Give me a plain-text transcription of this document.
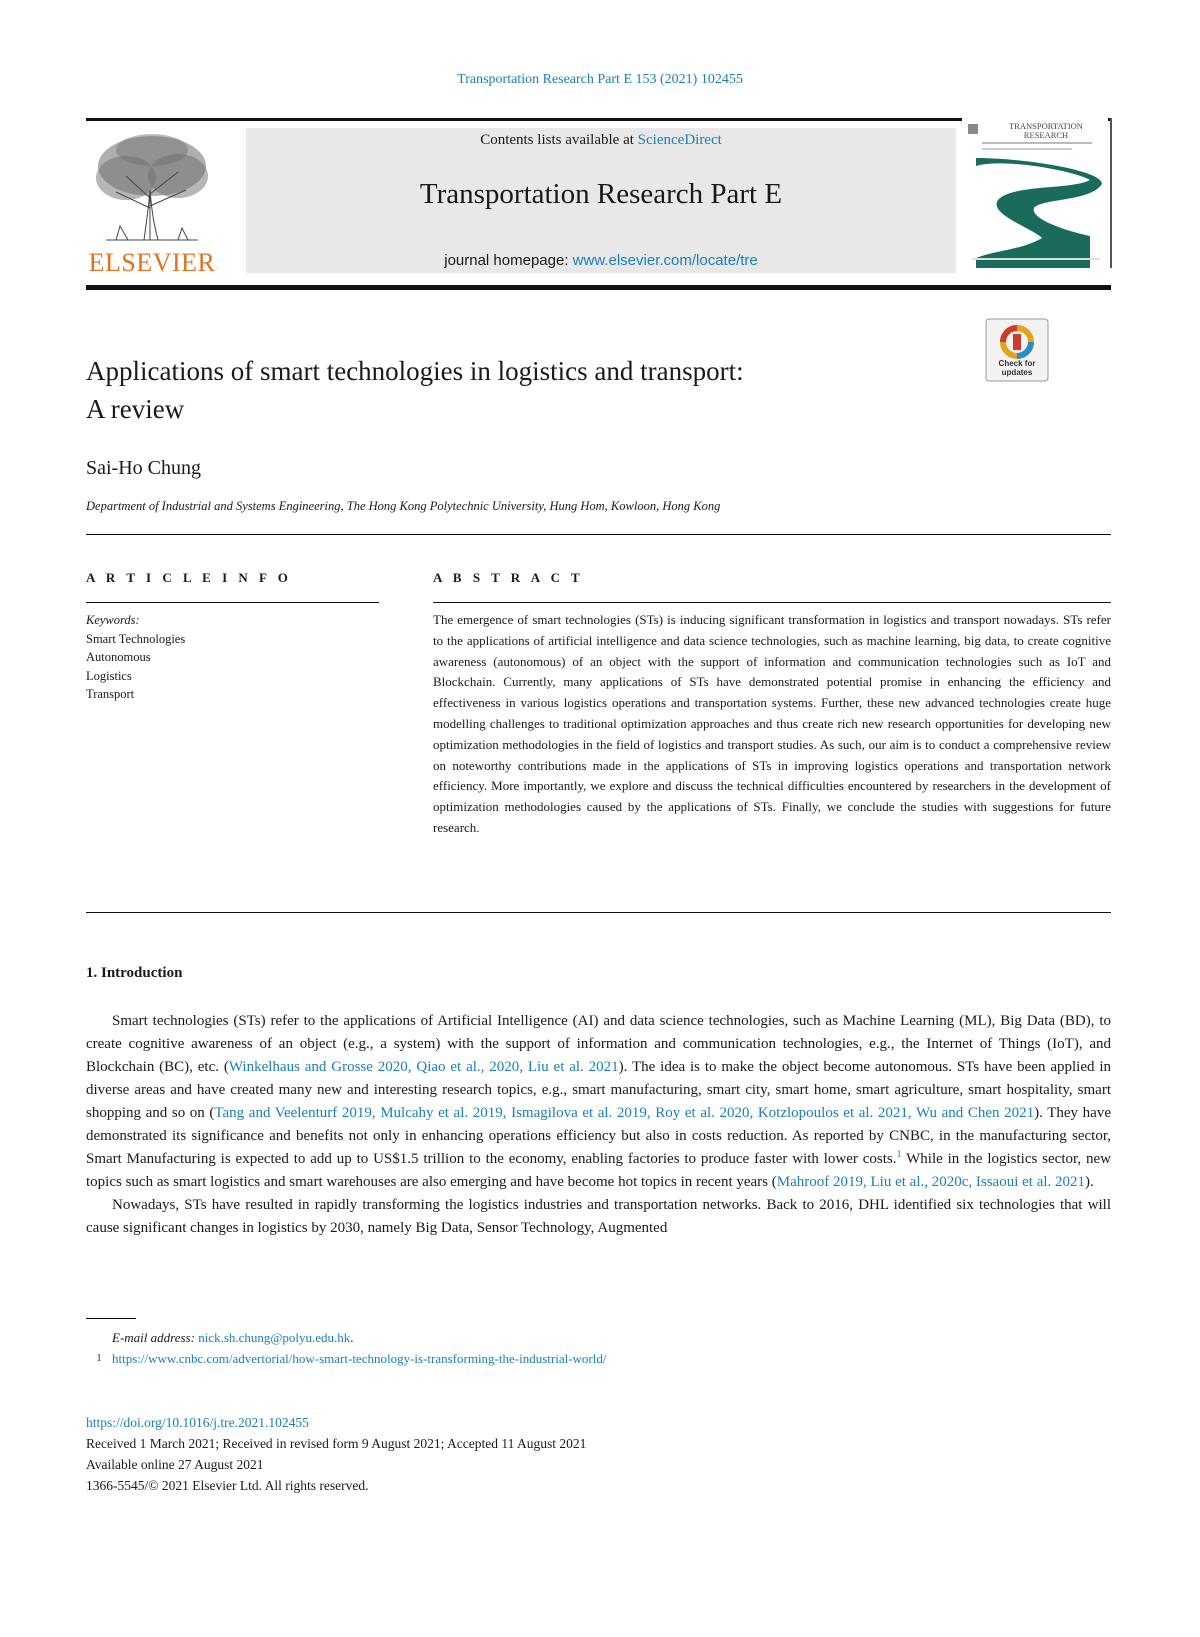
Transportation Research Part E 153 (2021) 102455
ELSEVIER
Contents lists available at ScienceDirect
Transportation Research Part E
journal homepage: www.elsevier.com/locate/tre
TRANSPORTATION
RESEARCH
Check for
updates
Applications of smart technologies in logistics and transport:
A review
Sai-Ho Chung
Department of Industrial and Systems Engineering, The Hong Kong Polytechnic University, Hung Hom, Kowloon, Hong Kong
A R T I C L E I N F O	A B S T R A C T
Keywords:
Smart Technologies
Autonomous
Logistics
Transport
The emergence of smart technologies (STs) is inducing significant transformation in logistics and transport nowadays. STs refer to the applications of artificial intelligence and data science technologies, such as machine learning, big data, to create cognitive awareness (autonomous) of an object with the support of information and communication technologies such as IoT and Blockchain. Currently, many applications of STs have demonstrated potential promise in enhancing the efficiency and effectiveness in various logistics operations and transportation systems. Further, these new advanced technologies create huge modelling challenges to traditional optimization approaches and thus create rich new research opportunities for developing new optimization methodologies in the field of logistics and transport studies. As such, our aim is to conduct a comprehensive review on noteworthy contributions made in the applications of STs in improving logistics operations and transportation network efficiency. More importantly, we explore and discuss the technical difficulties encountered by researchers in the development of optimization methodologies caused by the applications of STs. Finally, we conclude the studies with suggestions for future research.
1. Introduction

Smart technologies (STs) refer to the applications of Artificial Intelligence (AI) and data science technologies, such as Machine Learning (ML), Big Data (BD), to create cognitive awareness of an object (e.g., a system) with the support of information and communication technologies, e.g., the Internet of Things (IoT), and Blockchain (BC), etc. (Winkelhaus and Grosse 2020, Qiao et al., 2020, Liu et al. 2021). The idea is to make the object become autonomous. STs have been applied in diverse areas and have created many new and interesting research topics, e.g., smart manufacturing, smart city, smart home, smart agriculture, smart hospitality, smart shopping and so on (Tang and Veelenturf 2019, Mulcahy et al. 2019, Ismagilova et al. 2019, Roy et al. 2020, Kotzlopoulos et al. 2021, Wu and Chen 2021). They have demonstrated its significance and benefits not only in enhancing operations efficiency but also in costs reduction. As reported by CNBC, in the manufacturing sector, Smart Manufacturing is expected to add up to US$1.5 trillion to the economy, enabling factories to produce faster with lower costs.$^1$ While in the logistics sector, new topics such as smart logistics and smart warehouses are also emerging and have become hot topics in recent years (Mahroof 2019, Liu et al., 2020c, Issaoui et al. 2021).

Nowadays, STs have resulted in rapidly transforming the logistics industries and transportation networks. Back to 2016, DHL identified six technologies that will cause significant changes in logistics by 2030, namely Big Data, Sensor Technology, Augmented

E-mail address: nick.sh.chung@polyu.edu.hk.
1 https://www.cnbc.com/advertorial/how-smart-technology-is-transforming-the-industrial-world/
https://doi.org/10.1016/j.tre.2021.102455
Received 1 March 2021; Received in revised form 9 August 2021; Accepted 11 August 2021
Available online 27 August 2021
1366-5545/© 2021 Elsevier Ltd. All rights reserved.
